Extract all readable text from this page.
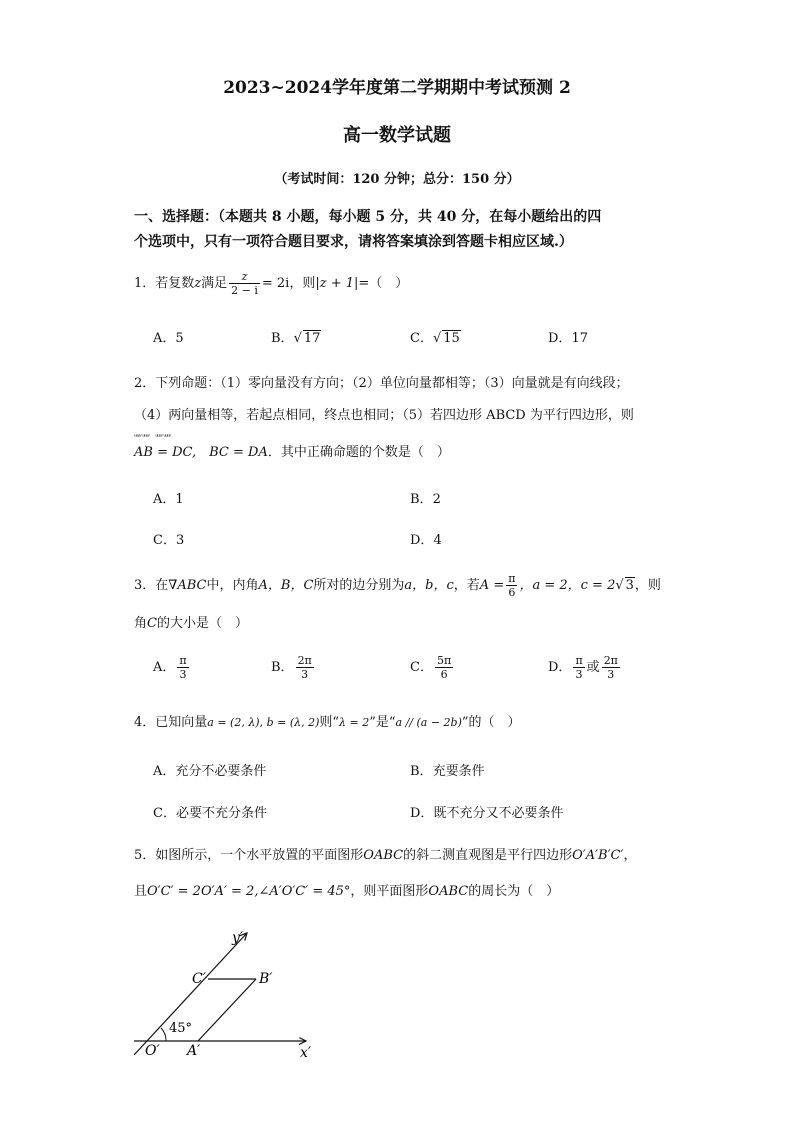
2023~2024学年度第二学期期中考试预测 2
高一数学试题
（考试时间：120 分钟；总分：150 分）
一、选择题：（本题共 8 小题，每小题 5 分，共 40 分，在每小题给出的四
个选项中，只有一项符合题目要求，请将答案填涂到答题卡相应区域.）
1．若复数z满足 $\frac{z}{2 - i} = 2i$，则|z + 1|=（　）
A．5	B．√ 17	C．√ 15	D．17
2．下列命题：（1）零向量没有方向；（2）单位向量都相等；（3）向量就是有向线段；
（4）两向量相等，若起点相同，终点也相同；（5）若四边形 ABCD 为平行四边形，则
ᵘᵘᵘᵛ ᵘᵘᵘᵛ　ᵘᵘᵘᵛ ᵘᵘᵘᵛ
AB = DC,　BC = DA．其中正确命题的个数是（　）
A．1	B．2
C．3	D．4
3．在∇ABC中，内角A，B，C所对的边分别为a，b，c，若$A = \frac{\pi}{6}$ ，a = 2，c = 2√ 3，则
角C的大小是（　）
A． $\frac{\pi}{3}$	B． $\frac{2\pi}{3}$	C． $\frac{5\pi}{6}$	D． $\frac{\pi}{3}$ 或 $\frac{2\pi}{3}$
4．已知向量a = (2, λ), b = (λ, 2)则“λ = 2”是“a // (a − 2b)”的（　）
A．充分不必要条件	B．充要条件
C．必要不充分条件	D．既不充分又不必要条件
5．如图所示，一个水平放置的平面图形OABC的斜二测直观图是平行四边形O′A′B′C′，
且O′C′ = 2O′A′ = 2,∠A′O′C′ = 45°，则平面图形OABC的周长为（　）
y′
x′
C′	B′
O′ A′
45°
